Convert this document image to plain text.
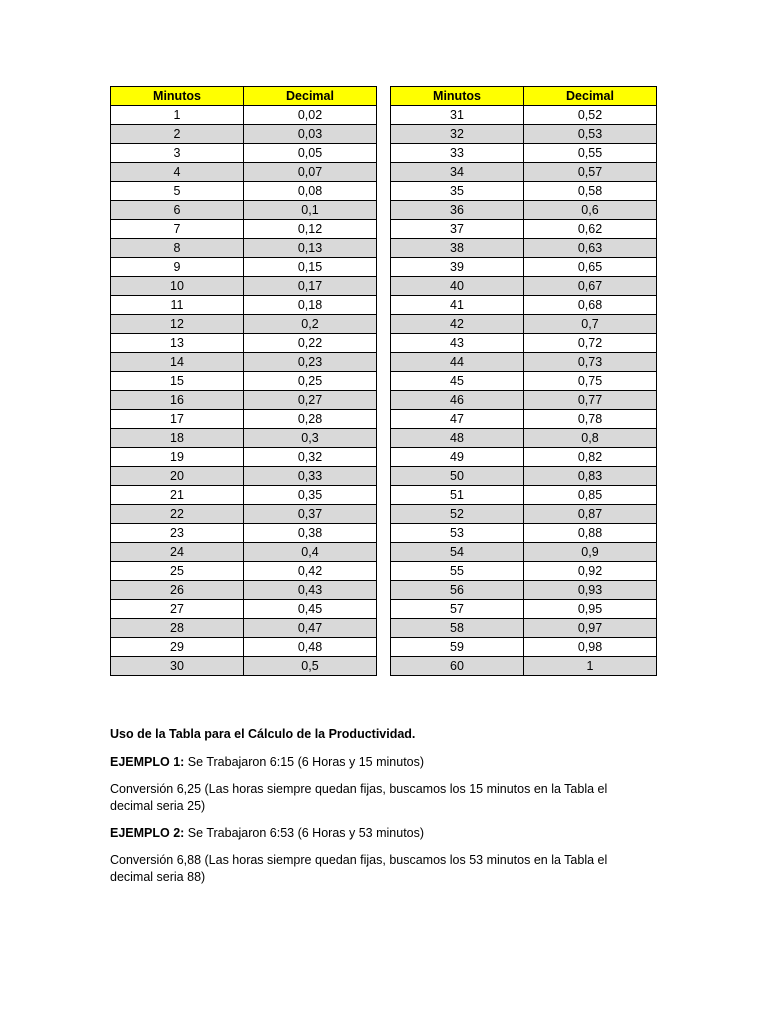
Minutos	Decimal
1	0,02
2	0,03
3	0,05
4	0,07
5	0,08
6	0,1
7	0,12
8	0,13
9	0,15
10	0,17
11	0,18
12	0,2
13	0,22
14	0,23
15	0,25
16	0,27
17	0,28
18	0,3
19	0,32
20	0,33
21	0,35
22	0,37
23	0,38
24	0,4
25	0,42
26	0,43
27	0,45
28	0,47
29	0,48
30	0,5
Minutos	Decimal
31	0,52
32	0,53
33	0,55
34	0,57
35	0,58
36	0,6
37	0,62
38	0,63
39	0,65
40	0,67
41	0,68
42	0,7
43	0,72
44	0,73
45	0,75
46	0,77
47	0,78
48	0,8
49	0,82
50	0,83
51	0,85
52	0,87
53	0,88
54	0,9
55	0,92
56	0,93
57	0,95
58	0,97
59	0,98
60	1

Uso de la Tabla para el Cálculo de la Productividad.

EJEMPLO 1: Se Trabajaron 6:15 (6 Horas y 15 minutos)

Conversión 6,25 (Las horas siempre quedan fijas, buscamos los 15 minutos en la Tabla el decimal seria 25)

EJEMPLO 2: Se Trabajaron 6:53 (6 Horas y 53 minutos)

Conversión 6,88 (Las horas siempre quedan fijas, buscamos los 53 minutos en la Tabla el decimal seria 88)
